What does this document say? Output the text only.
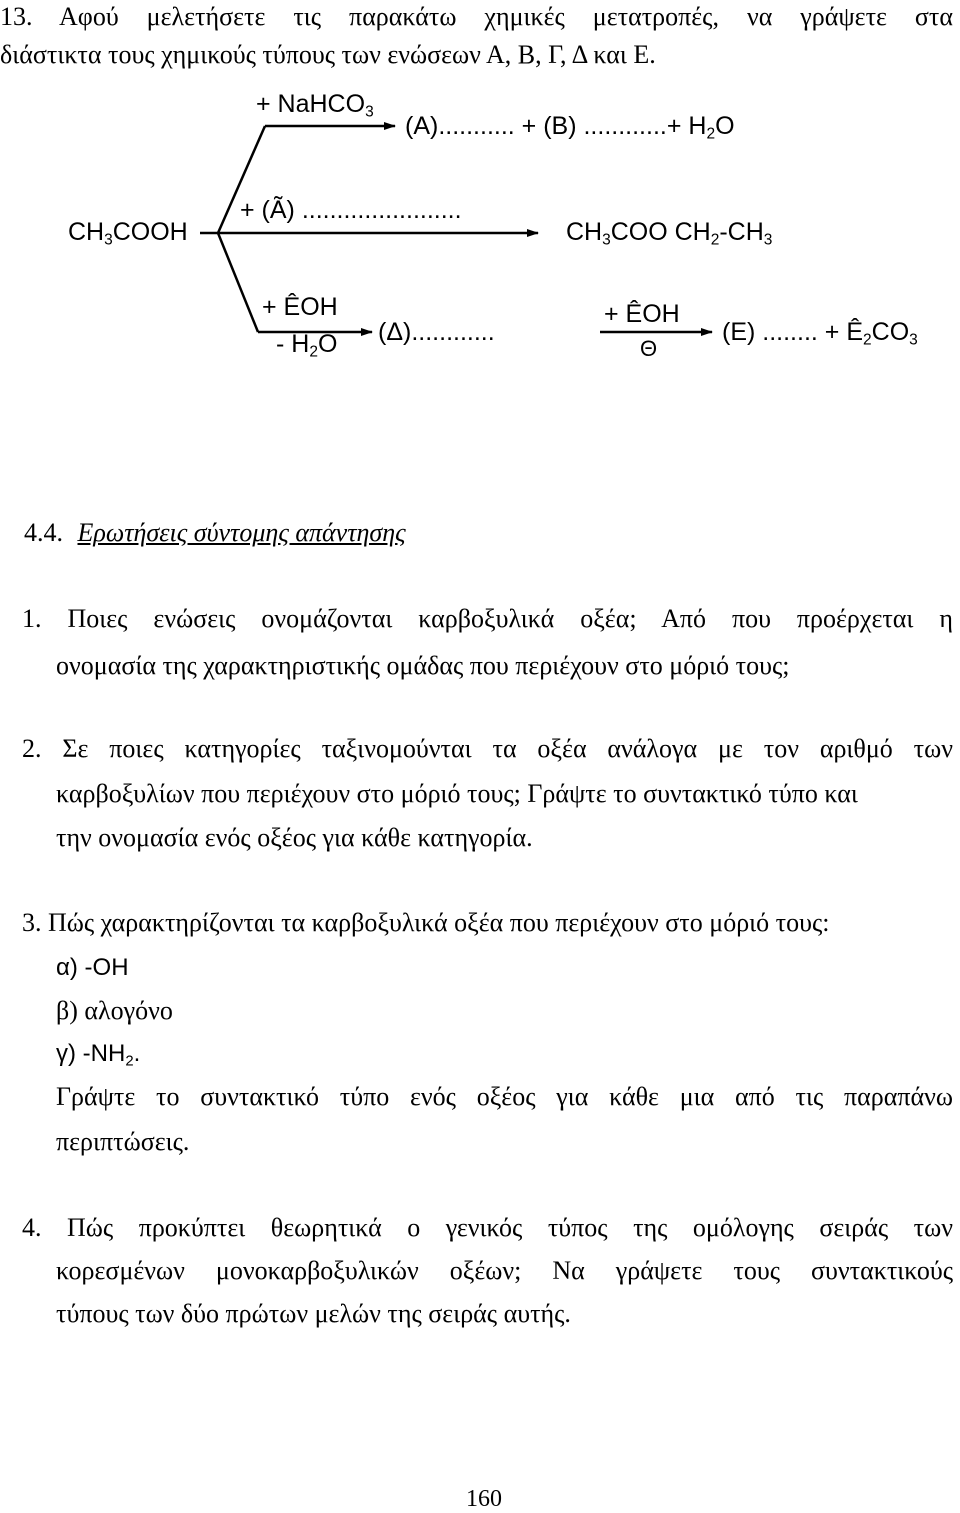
13. Αφού μελετήσετε τις παρακάτω χημικές μετατροπές, να γράψετε στα
διάστικτα τους χημικούς τύπους των ενώσεων Α, Β, Γ, Δ και Ε.
+ NaHCO$_3$ (A)........... + (B) ............+ $H_2O$
$CH_3COOH$
+ (Ã) .......................
$CH_3COO$ $CH_2-CH_3$
+ ÊΟΗ
- $H_2O$ (Δ)............
+ ÊΟΗ
Θ
(Ε) ........ + $Ê_2CO_3$
4.4. Ερωτήσεις σύντομης απάντησης
1. Ποιες ενώσεις ονομάζονται καρβοξυλικά οξέα; Από που προέρχεται η
ονομασία της χαρακτηριστικής ομάδας που περιέχουν στο μόριό τους;
2. Σε ποιες κατηγορίες ταξινομούνται τα οξέα ανάλογα με τον αριθμό των
καρβοξυλίων που περιέχουν στο μόριό τους; Γράψτε το συντακτικό τύπο και
την ονομασία ενός οξέος για κάθε κατηγορία.
3. Πώς χαρακτηρίζονται τα καρβοξυλικά οξέα που περιέχουν στο μόριό τους:
α) -OH
β) αλογόνο
γ) $-NH_2$.
Γράψτε το συντακτικό τύπο ενός οξέος για κάθε μια από τις παραπάνω
περιπτώσεις.
4. Πώς προκύπτει θεωρητικά ο γενικός τύπος της ομόλογης σειράς των
κορεσμένων μονοκαρβοξυλικών οξέων; Να γράψετε τους συντακτικούς
τύπους των δύο πρώτων μελών της σειράς αυτής.
160
